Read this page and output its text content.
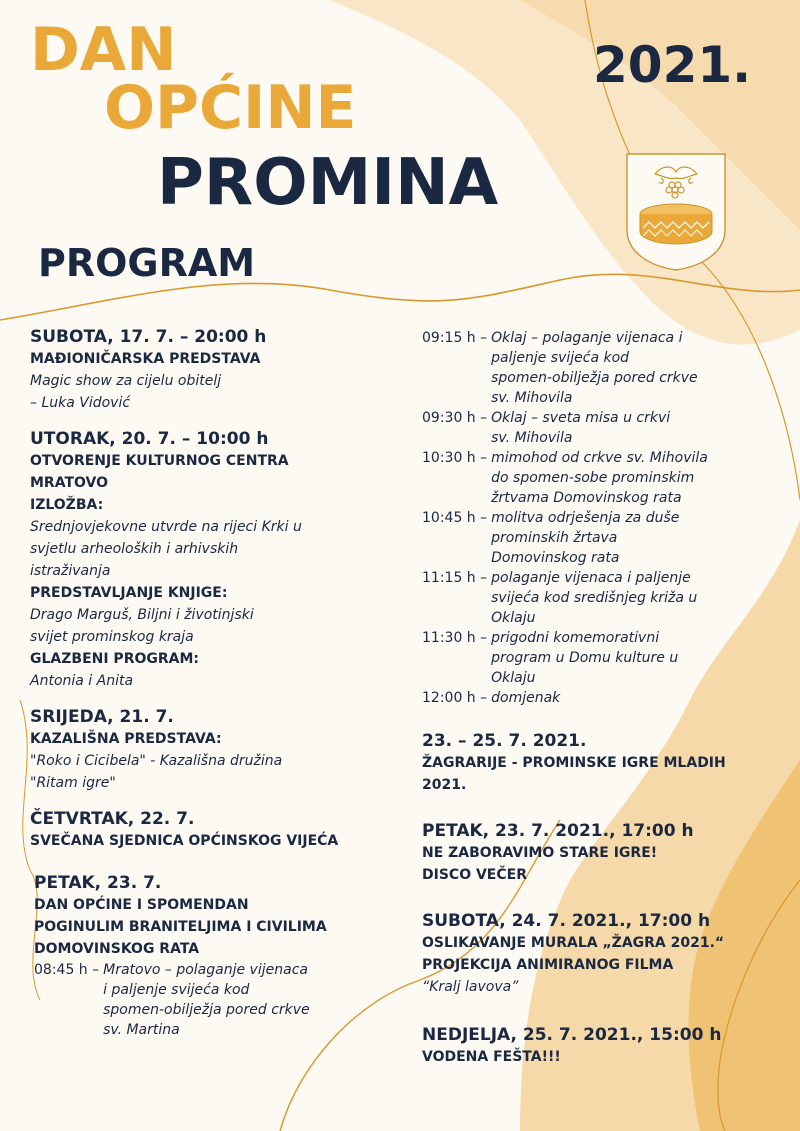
DAN
OPĆINE
PROMINA
2021.
PROGRAM
SUBOTA, 17. 7. – 20:00 h
MAĐIONIČARSKA PREDSTAVA
Magic show za cijelu obitelj
– Luka Vidović
UTORAK, 20. 7. – 10:00 h
OTVORENJE KULTURNOG CENTRA
MRATOVO
IZLOŽBA:
Srednjovjekovne utvrde na rijeci Krki u
svjetlu arheoloških i arhivskih
istraživanja
PREDSTAVLJANJE KNJIGE:
Drago Marguš, Biljni i životinjski
svijet prominskog kraja
GLAZBENI PROGRAM:
Antonia i Anita
SRIJEDA, 21. 7.
KAZALIŠNA PREDSTAVA:
"Roko i Cicibela" - Kazališna družina
"Ritam igre"
ČETVRTAK, 22. 7.
SVEČANA SJEDNICA OPĆINSKOG VIJEĆA
PETAK, 23. 7.
DAN OPĆINE I SPOMENDAN
POGINULIM BRANITELJIMA I CIVILIMA
DOMOVINSKOG RATA
08:45 h – Mratovo – polaganje vijenaca
i paljenje svijeća kod
spomen-obilježja pored crkve
sv. Martina
09:15 h – Oklaj – polaganje vijenaca i
paljenje svijeća kod
spomen-obilježja pored crkve
sv. Mihovila
09:30 h – Oklaj – sveta misa u crkvi
sv. Mihovila
10:30 h – mimohod od crkve sv. Mihovila
do spomen-sobe prominskim
žrtvama Domovinskog rata
10:45 h – molitva odrješenja za duše
prominskih žrtava
Domovinskog rata
11:15 h – polaganje vijenaca i paljenje
svijeća kod središnjeg križa u
Oklaju
11:30 h – prigodni komemorativni
program u Domu kulture u
Oklaju
12:00 h – domjenak
23. – 25. 7. 2021.
ŽAGRARIJE - PROMINSKE IGRE MLADIH
2021.
PETAK, 23. 7. 2021., 17:00 h
NE ZABORAVIMO STARE IGRE!
DISCO VEČER
SUBOTA, 24. 7. 2021., 17:00 h
OSLIKAVANJE MURALA „ŽAGRA 2021.“
PROJEKCIJA ANIMIRANOG FILMA
“Kralj lavova”
NEDJELJA, 25. 7. 2021., 15:00 h
VODENA FEŠTA!!!
